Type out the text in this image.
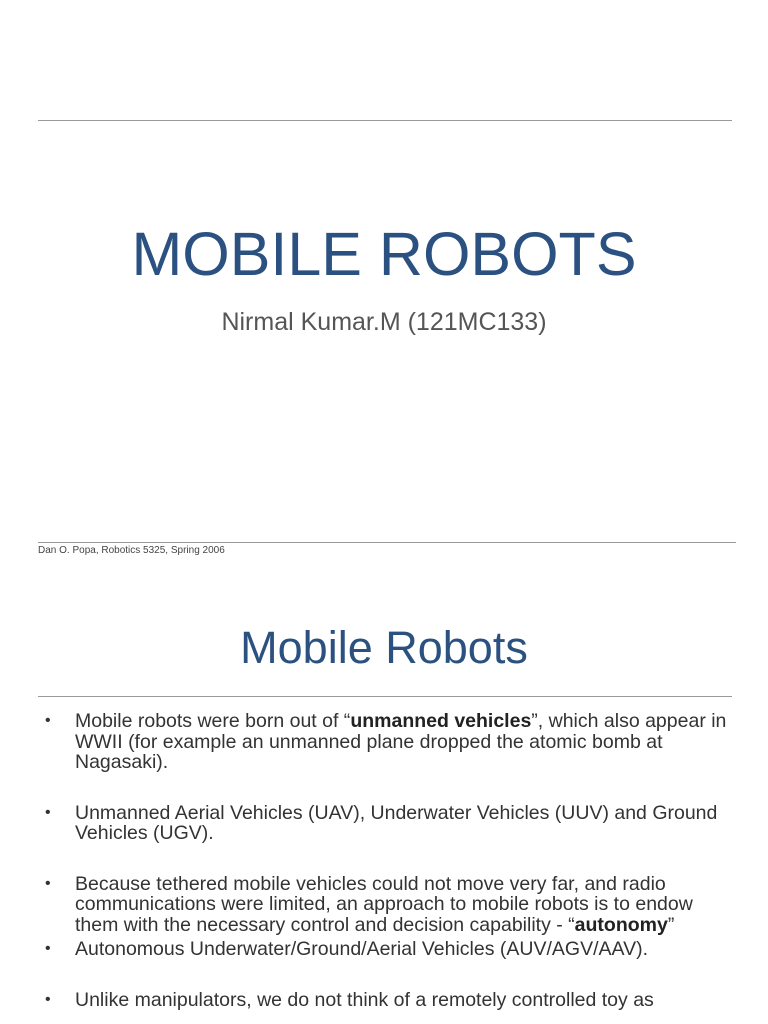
MOBILE ROBOTS
Nirmal Kumar.M (121MC133)
Dan O. Popa, Robotics 5325, Spring 2006
Mobile Robots
• Mobile robots were born out of “unmanned vehicles”, which also appear in WWII (for example an unmanned plane dropped the atomic bomb at Nagasaki).
• Unmanned Aerial Vehicles (UAV), Underwater Vehicles (UUV) and Ground Vehicles (UGV).
• Because tethered mobile vehicles could not move very far, and radio communications were limited, an approach to mobile robots is to endow them with the necessary control and decision capability - “autonomy”
• Autonomous Underwater/Ground/Aerial Vehicles (AUV/AGV/AAV).
• Unlike manipulators, we do not think of a remotely controlled toy as
